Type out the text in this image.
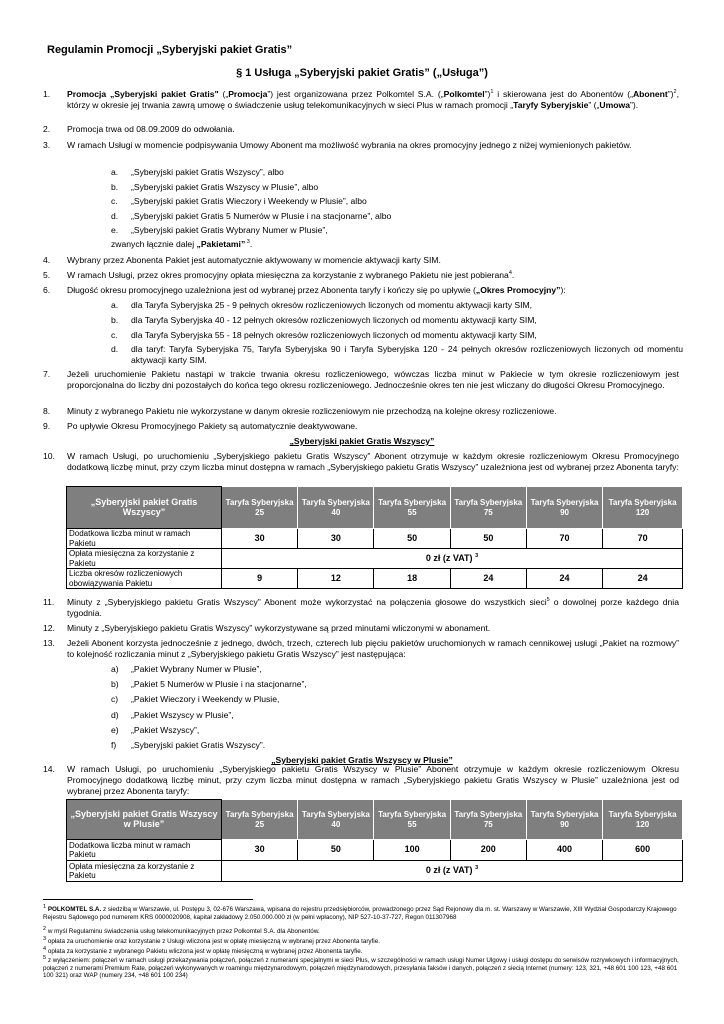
Regulamin Promocji „Syberyjski pakiet Gratis”
§ 1 Usługa „Syberyjski pakiet Gratis” („Usługa”)
1.	Promocja „Syberyjski pakiet Gratis" („Promocja”) jest organizowana przez Polkomtel S.A. („Polkomtel”)$^1$ i skierowana jest do Abonentów („Abonent”)$^2$, którzy w okresie jej trwania zawrą umowę o świadczenie usług telekomunikacyjnych w sieci Plus w ramach promocji „Taryfy Syberyjskie” („Umowa”).
2.	Promocja trwa od 08.09.2009 do odwołania.
3.	W ramach Usługi w momencie podpisywania Umowy Abonent ma możliwość wybrania na okres promocyjny jednego z niżej wymienionych pakietów.
a. „Syberyjski pakiet Gratis Wszyscy”, albo
b. „Syberyjski pakiet Gratis Wszyscy w Plusie”, albo
c. „Syberyjski pakiet Gratis Wieczory i Weekendy w Plusie”, albo
d. „Syberyjski pakiet Gratis 5 Numerów w Plusie i na stacjonarne”, albo
e. „Syberyjski pakiet Gratis Wybrany Numer w Plusie”,
zwanych łącznie dalej „Pakietami” $^3$.
4.	Wybrany przez Abonenta Pakiet jest automatycznie aktywowany w momencie aktywacji karty SIM.
5.	W ramach Usługi, przez okres promocyjny opłata miesięczna za korzystanie z wybranego Pakietu nie jest pobierana$^4$.
6.	Długość okresu promocyjnego uzależniona jest od wybranej przez Abonenta taryfy i kończy się po upływie („Okres Promocyjny”):
a. dla Taryfa Syberyjska 25 - 9 pełnych okresów rozliczeniowych liczonych od momentu aktywacji karty SIM,
b. dla Taryfa Syberyjska 40 - 12 pełnych okresów rozliczeniowych liczonych od momentu aktywacji karty SIM,
c. dla Taryfa Syberyjska 55 - 18 pełnych okresów rozliczeniowych liczonych od momentu aktywacji karty SIM,
d. dla taryf: Taryfa Syberyjska 75, Taryfa Syberyjska 90 i Taryfa Syberyjska 120 - 24 pełnych okresów rozliczeniowych liczonych od momentu aktywacji karty SIM.
7.	Jeżeli uruchomienie Pakietu nastąpi w trakcie trwania okresu rozliczeniowego, wówczas liczba minut w Pakiecie w tym okresie rozliczeniowym jest proporcjonalna do liczby dni pozostałych do końca tego okresu rozliczeniowego. Jednocześnie okres ten nie jest wliczany do długości Okresu Promocyjnego.
8.	Minuty z wybranego Pakietu nie wykorzystane w danym okresie rozliczeniowym nie przechodzą na kolejne okresy rozliczeniowe.
9.	Po upływie Okresu Promocyjnego Pakiety są automatycznie deaktywowane.
„Syberyjski pakiet Gratis Wszyscy”
10.	W ramach Usługi, po uruchomieniu „Syberyjskiego pakietu Gratis Wszyscy” Abonent otrzymuje w każdym okresie rozliczeniowym Okresu Promocyjnego dodatkową liczbę minut, przy czym liczba minut dostępna w ramach „Syberyjskiego pakietu Gratis Wszyscy” uzależniona jest od wybranej przez Abonenta taryfy:
„Syberyjski pakiet Gratis Wszyscy”	Taryfa Syberyjska 25	Taryfa Syberyjska 40	Taryfa Syberyjska 55	Taryfa Syberyjska 75	Taryfa Syberyjska 90	Taryfa Syberyjska 120
Dodatkowa liczba minut w ramach Pakietu	30	30	50	50	70	70
Opłata miesięczna za korzystanie z Pakietu	0 zł (z VAT) $^3$
Liczba okresów rozliczeniowych obowiązywania Pakietu	9	12	18	24	24	24
11.	Minuty z „Syberyjskiego pakietu Gratis Wszyscy” Abonent może wykorzystać na połączenia głosowe do wszystkich sieci$^5$ o dowolnej porze każdego dnia tygodnia.
12.	Minuty z „Syberyjskiego pakietu Gratis Wszyscy” wykorzystywane są przed minutami wliczonymi w abonament.
13.	Jeżeli Abonent korzysta jednocześnie z jednego, dwóch, trzech, czterech lub pięciu pakietów uruchomionych w ramach cennikowej usługi „Pakiet na rozmowy” to kolejność rozliczania minut z „Syberyjskiego pakietu Gratis Wszyscy” jest następująca:
a) „Pakiet Wybrany Numer w Plusie”,
b) „Pakiet 5 Numerów w Plusie i na stacjonarne”,
c) „Pakiet Wieczory i Weekendy w Plusie,
d) „Pakiet Wszyscy w Plusie”,
e) „Pakiet Wszyscy”,
f) „Syberyjski pakiet Gratis Wszyscy”.
„Syberyjski pakiet Gratis Wszyscy w Plusie”
14.	W ramach Usługi, po uruchomieniu „Syberyjskiego pakietu Gratis Wszyscy w Plusie” Abonent otrzymuje w każdym okresie rozliczeniowym Okresu Promocyjnego dodatkową liczbę minut, przy czym liczba minut dostępna w ramach „Syberyjskiego pakietu Gratis Wszyscy w Plusie” uzależniona jest od wybranej przez Abonenta taryfy:
„Syberyjski pakiet Gratis Wszyscy w Plusie”	Taryfa Syberyjska 25	Taryfa Syberyjska 40	Taryfa Syberyjska 55	Taryfa Syberyjska 75	Taryfa Syberyjska 90	Taryfa Syberyjska 120
Dodatkowa liczba minut w ramach Pakietu	30	50	100	200	400	600
Opłata miesięczna za korzystanie z Pakietu	0 zł (z VAT) $^3$
$^1$ POLKOMTEL S.A. z siedzibą w Warszawie, ul. Postępu 3, 02-676 Warszawa, wpisana do rejestru przedsiębiorców, prowadzonego przez Sąd Rejonowy dla m. st. Warszawy w Warszawie, XIII Wydział Gospodarczy Krajowego Rejestru Sądowego pod numerem KRS 0000020908, kapitał zakładowy 2.050.000.000 zł (w pełni wpłacony), NIP 527-10-37-727, Regon 011307968
$^2$ w myśl Regulaminu świadczenia usług telekomunikacyjnych przez Polkomtel S.A. dla Abonentów.
$^3$ opłata za uruchomienie oraz korzystanie z Usługi wliczona jest w opłatę miesięczną w wybranej przez Abonenta taryfie.
$^4$ opłata za korzystanie z wybranego Pakietu wliczona jest w opłatę miesięczną w wybranej przez Abonenta taryfie.
$^5$ z wyłączeniem: połączeń w ramach usługi przekazywania połączeń, połączeń z numerami specjalnymi w sieci Plus, w szczególności w ramach usługi Numer Ulgowy i usługi dostępu do serwisów rozrywkowych i informacyjnych, połączeń z numerami Premium Rate, połączeń wykonywanych w roamingu międzynarodowym, połączeń międzynarodowych, przesyłania faksów i danych, połączeń z siecią Internet (numery: 123, 321, +48 601 100 123, +48 601 100 321) oraz WAP (numery 234, +48 601 100 234)
